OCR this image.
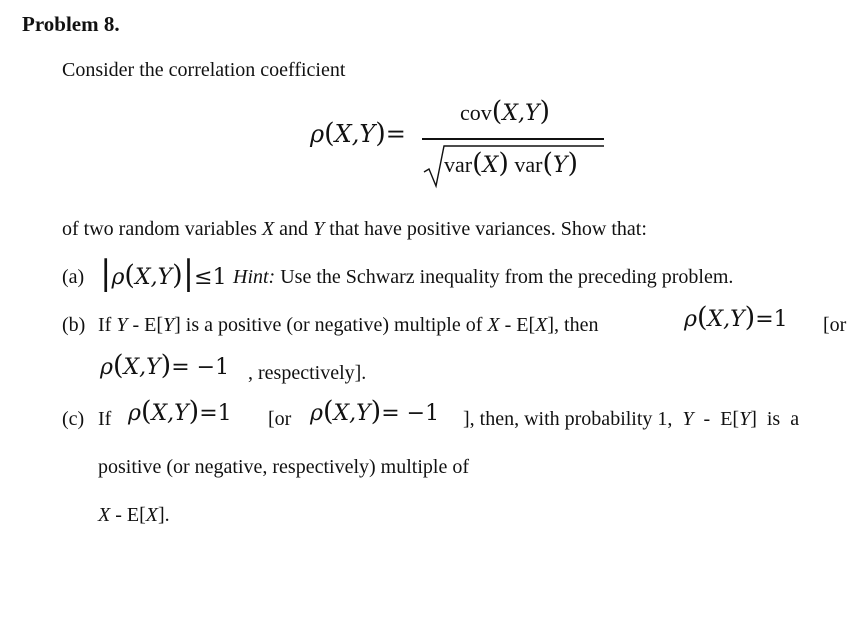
Problem 8.
Consider the correlation coefficient
ρ(X,Y)=
cov(X,Y)
var(X) var(Y)
of two random variables X and Y that have positive variances. Show that:
(a) |ρ(X,Y)|≤1 Hint: Use the Schwarz inequality from the preceding problem.
(b) If Y - E[Y] is a positive (or negative) multiple of X - E[X], then	ρ(X,Y)=1 [or
ρ(X,Y)= −1 , respectively].
(c) If ρ(X,Y)=1 [or ρ(X,Y)= −1 ], then, with probability 1,  Y  -  E[Y]  is  a
positive (or negative, respectively) multiple of
X - E[X].
